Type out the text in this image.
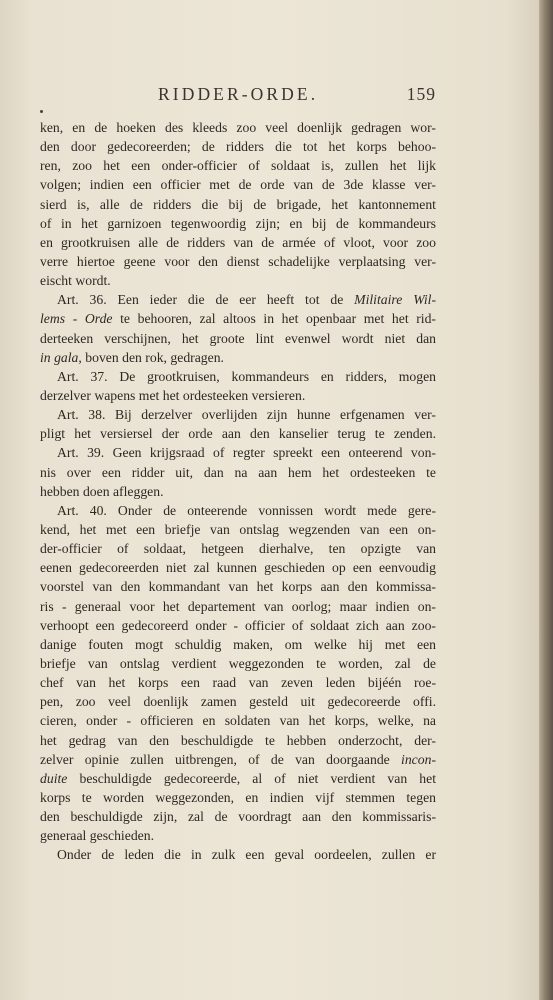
RIDDER-ORDE.	159
ken, en de hoeken des kleeds zoo veel doenlijk gedragen wor-
den door gedecoreerden; de ridders die tot het korps behoo-
ren, zoo het een onder-officier of soldaat is, zullen het lijk
volgen; indien een officier met de orde van de 3de klasse ver-
sierd is, alle de ridders die bij de brigade, het kantonnement
of in het garnizoen tegenwoordig zijn; en bij de kommandeurs
en grootkruisen alle de ridders van de armée of vloot, voor zoo
verre hiertoe geene voor den dienst schadelijke verplaatsing ver-
eischt wordt.
Art. 36. Een ieder die de eer heeft tot de Militaire Wil-
lems - Orde te behooren, zal altoos in het openbaar met het rid-
derteeken verschijnen, het groote lint evenwel wordt niet dan
in gala, boven den rok, gedragen.
Art. 37. De grootkruisen, kommandeurs en ridders, mogen
derzelver wapens met het ordesteeken versieren.
Art. 38. Bij derzelver overlijden zijn hunne erfgenamen ver-
pligt het versiersel der orde aan den kanselier terug te zenden.
Art. 39. Geen krijgsraad of regter spreekt een onteerend von-
nis over een ridder uit, dan na aan hem het ordesteeken te
hebben doen afleggen.
Art. 40. Onder de onteerende vonnissen wordt mede gere-
kend, het met een briefje van ontslag wegzenden van een on-
der-officier of soldaat, hetgeen dierhalve, ten opzigte van
eenen gedecoreerden niet zal kunnen geschieden op een eenvoudig
voorstel van den kommandant van het korps aan den kommissa-
ris - generaal voor het departement van oorlog; maar indien on-
verhoopt een gedecoreerd onder - officier of soldaat zich aan zoo-
danige fouten mogt schuldig maken, om welke hij met een
briefje van ontslag verdient weggezonden te worden, zal de
chef van het korps een raad van zeven leden bijéén roe-
pen, zoo veel doenlijk zamen gesteld uit gedecoreerde offi.
cieren, onder - officieren en soldaten van het korps, welke, na
het gedrag van den beschuldigde te hebben onderzocht, der-
zelver opinie zullen uitbrengen, of de van doorgaande incon-
duite beschuldigde gedecoreerde, al of niet verdient van het
korps te worden weggezonden, en indien vijf stemmen tegen
den beschuldigde zijn, zal de voordragt aan den kommissaris-
generaal geschieden.
Onder de leden die in zulk een geval oordeelen, zullen er
